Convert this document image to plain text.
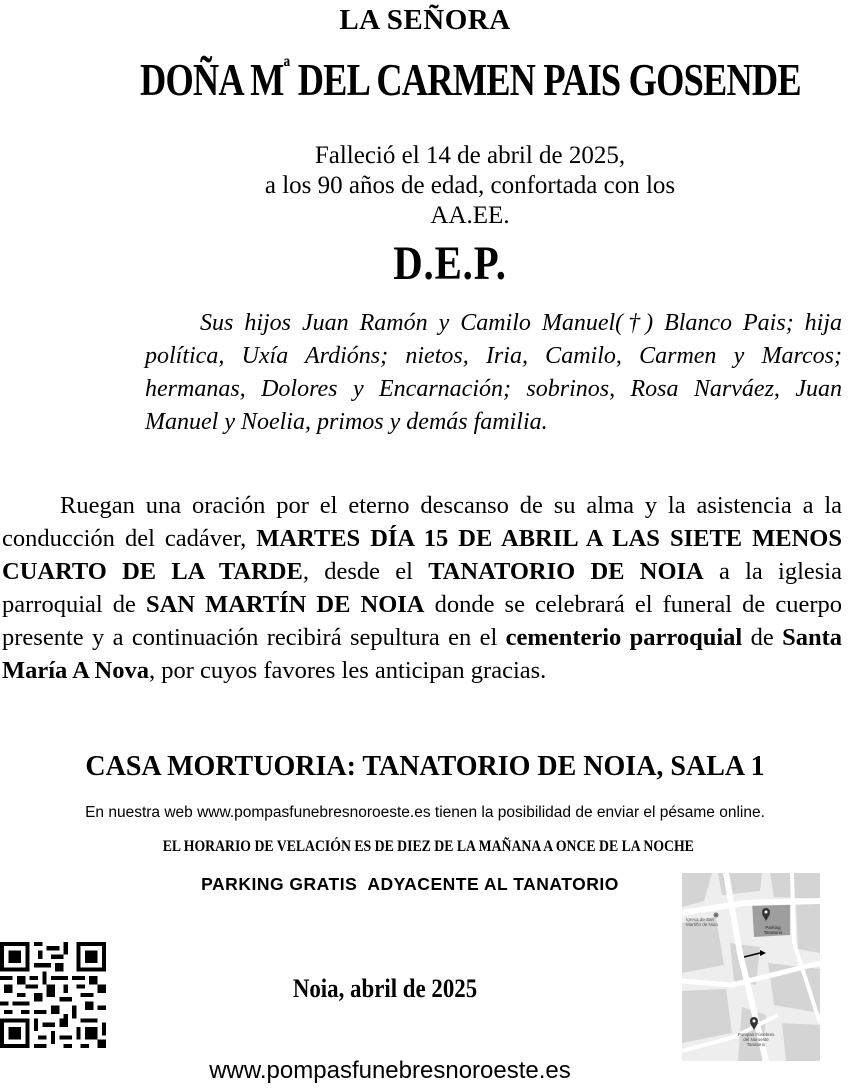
LA SEÑORA
DOÑA $M^ª$ DEL CARMEN PAIS GOSENDE
Falleció el 14 de abril de 2025,
a los 90 años de edad, confortada con los AA.EE.
D.E.P.
Sus hijos Juan Ramón y Camilo Manuel(†) Blanco Pais; hija política, Uxía Ardións; nietos, Iria, Camilo, Carmen y Marcos; hermanas, Dolores y Encarnación; sobrinos, Rosa Narváez, Juan Manuel y Noelia, primos y demás familia.
Ruegan una oración por el eterno descanso de su alma y la asistencia a la conducción del cadáver, MARTES DÍA 15 DE ABRIL A LAS SIETE MENOS CUARTO DE LA TARDE, desde el TANATORIO DE NOIA a la iglesia parroquial de SAN MARTÍN DE NOIA donde se celebrará el funeral de cuerpo presente y a continuación recibirá sepultura en el cementerio parroquial de Santa María A Nova, por cuyos favores les anticipan gracias.
CASA MORTUORIA: TANATORIO DE NOIA, SALA 1
En nuestra web www.pompasfunebresnoroeste.es tienen la posibilidad de enviar el pésame online.
EL HORARIO DE VELACIÓN ES DE DIEZ DE LA MAÑANA A ONCE DE LA NOCHE
PARKING GRATIS  ADYACENTE AL TANATORIO
Igrexa de San Martiño de Noia
Parking Tanatorio
Pompas Fúnebres del Noroeste Tanatorio
Noia, abril de 2025
www.pompasfunebresnoroeste.es
